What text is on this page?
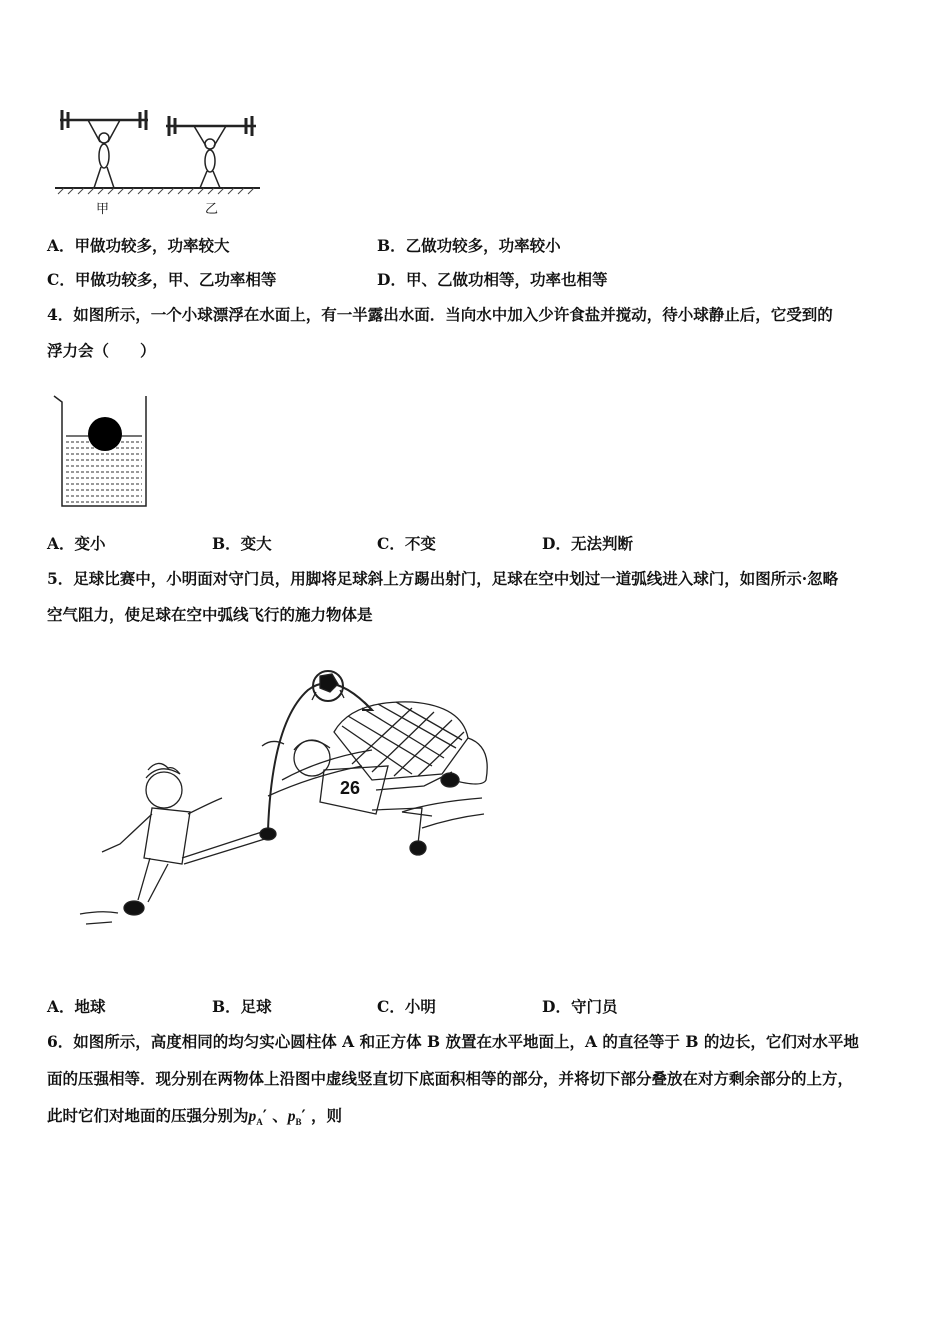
甲	乙
A．甲做功较多，功率较大	B．乙做功较多，功率较小
C．甲做功较多，甲、乙功率相等	D．甲、乙做功相等，功率也相等
4．如图所示，一个小球漂浮在水面上，有一半露出水面．当向水中加入少许食盐并搅动，待小球静止后，它受到的
浮力会（　　）
A．变小	B．变大	C．不变	D．无法判断
5．足球比赛中，小明面对守门员，用脚将足球斜上方踢出射门，足球在空中划过一道弧线进入球门，如图所示·忽略
空气阻力，使足球在空中弧线飞行的施力物体是
26
A．地球	B．足球	C．小明	D．守门员
6．如图所示，高度相同的均匀实心圆柱体 A 和正方体 B 放置在水平地面上，A 的直径等于 B 的边长，它们对水平地
面的压强相等．现分别在两物体上沿图中虚线竖直切下底面积相等的部分，并将切下部分叠放在对方剩余部分的上方，
此时它们对地面的压强分别为$p_A'$ 、$p_B'$ ，则
